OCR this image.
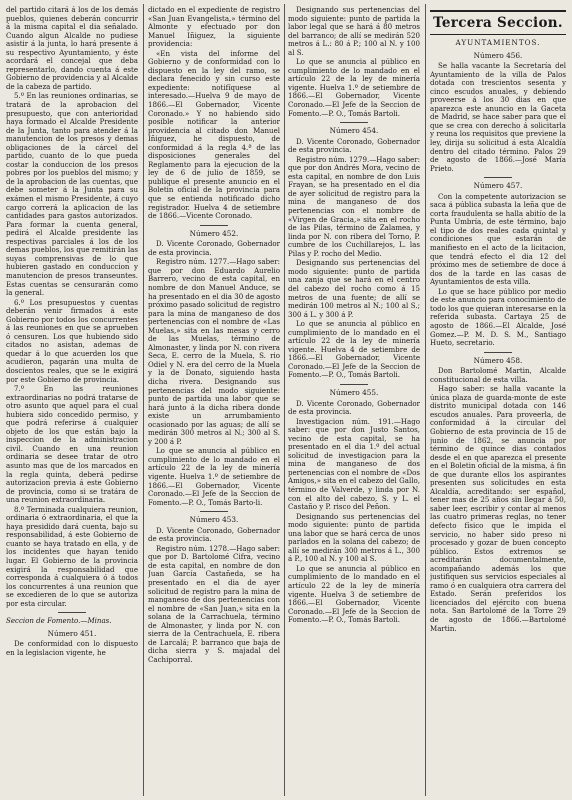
del partido citará á los de los demás pueblos, quienes deberán concurrir á la misma capital el dia señalado. Cuando algun Alcalde no pudiese asistir á la junta, lo hará presente á su respectivo Ayuntamiento, y éste acordará el concejal que deba representarlo, dando cuenta á este Gobierno de providencia y al Alcalde de la cabeza de partido.

5.º En las reuniones ordinarias, se tratará de la aprobacion del presupuesto, que con anterioridad haya formado el Alcalde Presidente de la Junta, tanto para atender á la manutencion de los presos y demas obligaciones de la cárcel del partido, cuanto de lo que pueda costar la conduccion de los presos pobres por los pueblos del mismo; y de la aprobacion de las cuentas, que debe someter á la Junta para su exámen el mismo Presidente, á cuyo cargo correrá la aplicacion de las cantidades para gastos autorizados. Para formar la cuenta general, pedirá el Alcalde presidente las respectivas parciales á los de los demas pueblos, los que remitirán las suyas comprensivas de lo que hubieren gastado en conduccion y manutencion de presos transeuntes. Estas cuentas se censurarán como la general.

6.º Los presupuestos y cuentas deberán venir firmados á este Gobierno por todos los concurrentes á las reuniones en que se aprueben ó censuren. Los que hubiendo sido citados no asistan, ademas de quedar á lo que acuerden los que acudieron, pagarán una multa de doscientos reales, que se le exigirá por este Gobierno de provincia.

7.º En las reuniones extraordinarias no podrá tratarse de otro asunto que aquel para el cual hubiera sido concedido permiso, y que podrá referirse á cualquier objeto de los que están bajo la inspeccion de la administracion civil. Cuando en una reunion ordinaria se desee tratar de otro asunto mas que de los marcados en la regla quinta, deberá pedirse autorizacion previa á este Gobierno de provincia, como si se tratára de una reunion extraordinaria.

8.º Terminada cualquiera reunion, ordinaria ó extraordinaria, el que la haya presidido dará cuenta, bajo su responsabilidad, á este Gobierno de cuanto se haya tratado en ella, y de los incidentes que hayan tenido lugar. El Gobierno de la provincia exigirá la responsabilidad que corresponda á cualquiera ó á todos los concurrentes á una reunion que se excedieren de lo que se autoriza por esta circular.

Seccion de Fomento.—Minas.

Número 451.

De conformidad con lo dispuesto en la legislacion vigente, he

dictado en el expediente de registro «San Juan Evangelista,» término del Almonte y efectuado por don Manuel Iñiguez, la siguiente providencia:

«En vista del informe del Gobierno y de conformidad con lo dispuesto en la ley del ramo, se declara fenecido y sin curso este expediente: notifíquese al interesado.—Huelva 9 de mayo de 1866.—El Gobernador, Vicente Coronado.» Y no habiendo sido posible notificar la anterior providencia al citado don Manuel Iñiguez, he dispuesto, de conformidad á la regla 4.ª de las disposiciones generales del Reglamento para la ejecucion de la ley de 6 de julio de 1859, se publique el presente anuncio en el Boletin oficial de la provincia para que se entienda notificado dicho registrador. Huelva 4 de setiembre de 1866.—Vicente Coronado.

Número 452.

D. Vicente Coronado, Gobernador de esta provincia.

Registro núm. 1277.—Hago saber: que por don Eduardo Aurelio Barrero, vecino de esta capital, en nombre de don Manuel Anduce, se ha presentado en el dia 30 de agosto próximo pasado solicitud de registro para la mina de manganeso de dos pertenencias con el nombre de «Las Muelas,» sita en las mesas y cerro de las Muelas, término de Almonaster, y linda por N. con rivera Seca, E. cerro de la Muela, S. rio Odiel y N. era del cerro de la Muela y la de Donato, siguiendo hasta dicha rivera. Designando sus pertenencias del modo siguiente: punto de partida una labor que se hará junto á la dicha ribera donde existe un arrumbamiento ocasionado por las aguas; de allí se medirán 300 metros al N.; 300 al S. y 200 á P.

Lo que se anuncia al público en cumplimiento de lo mandado en el artículo 22 de la ley de minería vigente. Huelva 1.º de setiembre de 1866.—El Gobernador, Vicente Coronado.—El Jefe de la Seccion de Fomento.—P. O., Tomás Barto-li.

Número 453.

D. Vicente Coronado, Gobernador de esta provincia.

Registro núm. 1278.—Hago saber: que por D. Bartolomé Cifra, vecino de esta capital, en nombre de don Juan García Castañeda, se ha presentado en el dia de ayer solicitud de registro para la mina de manganeso de dos pertenencias con el nombre de «San Juan,» sita en la solana de la Carrachuela, término de Almonaster, y linda por N. con sierra de la Centrachuela, E. ribera de Larcalá; P. barranco que baja de dicha sierra y S. majadal del Cachiporral.

Designando sus pertenencias del modo siguiente: punto de partida la labor legal que se hará á 80 metros del barranco; de allí se medirán 520 metros á L.: 80 á P.; 100 al N. y 100 al S.

Lo que se anuncia al público en cumplimiento de lo mandado en el artículo 22 de la ley de minería vigente. Huelva 1.º de setiembre de 1866.—El Gobernador, Vicente Coronado.—El Jefe de la Seccion de Fomento.—P. O., Tomás Bartoli.

Número 454.

D. Vicente Coronado, Gobernador de esta provincia.

Registro núm. 1279.—Hago saber: que por don Andrés Mora, vecino de esta capital, en nombre de don Luis Frayan, se ha presentado en el dia de ayer solicitud de registro para la mina de manganeso de dos pertenencias con el nombre de «Virgen de Gracia,» sita en el rocho de las Pilas, término de Zalamea, y linda por N. con ribera del Torno, P. cumbre de los Cuchillarejos, L. las Pilas y P. rocho del Medio.

Designando sus pertenencias del modo siguiente: punto de partida una zanja que se hará en el centro del cabezo del rocho como á 15 metros de una fuente; de allí se medirán 100 metros al N.; 100 al S.; 300 á L. y 300 á P.

Lo que se anuncia al público en cumplimiento de lo mandado en el artículo 22 de la ley de minería vigente. Huelva 4 de setiembre de 1866.—El Gobernador, Vicente Coronado.—El Jefe de la Seccion de Fomento.—P. O., Tomás Bartoli.

Número 455.

D. Vicente Coronado, Gobernador de esta provincia.

Investigacion núm. 191.—Hago saber: que por don Justo Santos, vecino de esta capital, se ha presentado en el dia 1.º del actual solicitud de investigacion para la mina de manganeso de dos pertenencias con el nombre de «Dos Amigos,» sita en el cabezo del Gallo, término de Valverde, y linda por N. con el alto del cabezo, S. y L. el Castaño y P. risco del Peñon.

Designando sus pertenencias del modo siguiente: punto de partida una labor que se hará cerca de unos parlados en la solana del cabezo; de allí se medirán 300 metros á L., 300 á P., 100 al N. y 100 al S.

Lo que se anuncia al público en cumplimiento de lo mandado en el artículo 22 de la ley de minería vigente. Huelva 3 de setiembre de 1866.—El Gobernador, Vicente Coronado.—El Jefe de la Seccion de Fomento.—P. O., Tomás Bartoli.

Tercera Seccion.
AYUNTAMIENTOS.
Número 456.

Se halla vacante la Secretaría del Ayuntamiento de la villa de Palos dotada con trescientos sesenta y cinco escudos anuales, y debiendo proveerse á los 30 dias en que aparezca este anuncio en la Gaceta de Madrid, se hace saber para que el que se crea con derecho á solicitarla y reuna los requisitos que previene la ley, dirija su solicitud á esta Alcaldía dentro del citado término. Palos 29 de agosto de 1866.—José María Prieto.

Número 457.

Con la competente autorizacion se saca á pública subasta la leña que de corta fraudulenta se halla abitío de la Punta Umbría, de este término, bajo el tipo de dos reales cada quintal y condiciones que estarán de manifiesto en el acto de la licitacion, que tendrá efecto el dia 12 del próximo mes de setiembre de doce á dos de la tarde en las casas de Ayuntamientos de esta villa.

Lo que se hace público por medio de este anuncio para conocimiento de todo los que quieran interesarse en la referida subasta. Cartaya 25 de agosto de 1866.—El Alcalde, José Gomez.—P. M. D. S. M., Santiago Hueto, secretario.

Número 458.

Don Bartolomé Martin, Alcalde constitucional de esta villa.

Hago saber: se halla vacante la única plaza de guarda-monte de este distrito municipal dotada con 146 escudos anuales. Para proveerla, de conformidad á la circular del Gobierno de esta provincia de 15 de junio de 1862, se anuncia por término de quince dias contados desde el en que aparezca el presente en el Boletin oficial de la misma, á fin de que durante ellos los aspirantes presenten sus solicitudes en esta Alcaldía, acreditando: ser español, tener mas de 25 años sin llegar á 50, saber leer, escribir y contar al menos las cuatro primeras reglas, no tener defecto físico que le impida el servicio, no haber sido preso ni procesado y gozar de buen concepto público. Estos extremos se acreditarán documentalmente, acompañando además los que justifiquen sus servicios especiales al ramo ó en cualquiera otra carrera del Estado. Serán preferidos los licenciados del ejército con buena nota. San Bartolomé de la Torre 29 de agosto de 1866.—Bartolomé Martin.
